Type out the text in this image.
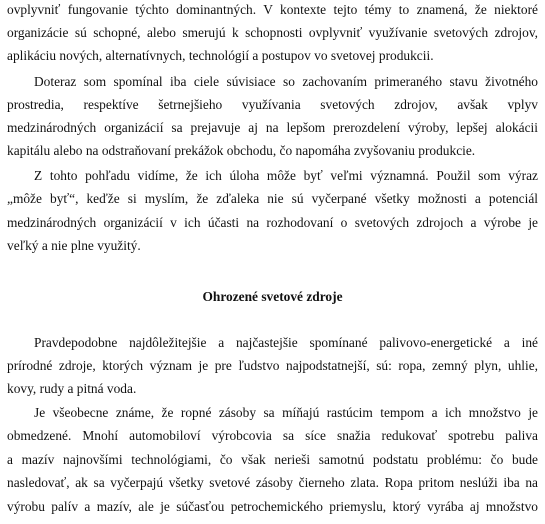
ovplyvniť fungovanie týchto dominantných. V kontexte tejto témy to znamená, že niektoré
organizácie sú schopné, alebo smerujú k schopnosti ovplyvniť využívanie svetových zdrojov,
aplikáciu nových, alternatívnych, technológií a postupov vo svetovej produkcii.
Doteraz som spomínal iba ciele súvisiace so zachovaním primeraného stavu životného
prostredia, respektíve šetrnejšieho využívania svetových zdrojov, avšak vplyv
medzinárodných organizácií sa prejavuje aj na lepšom prerozdelení výroby, lepšej alokácii
kapitálu alebo na odstraňovaní prekážok obchodu, čo napomáha zvyšovaniu produkcie.
Z tohto pohľadu vidíme, že ich úloha môže byť veľmi významná. Použil som výraz
„môže byť“, keďže si myslím, že zďaleka nie sú vyčerpané všetky možnosti a potenciál
medzinárodných organizácií v ich účasti na rozhodovaní o svetových zdrojoch a výrobe je
veľký a nie plne využitý.
Ohrozené svetové zdroje
Pravdepodobne najdôležitejšie a najčastejšie spomínané palivovo-energetické a iné
prírodné zdroje, ktorých význam je pre ľudstvo najpodstatnejší, sú: ropa, zemný plyn, uhlie,
kovy, rudy a pitná voda.
Je všeobecne známe, že ropné zásoby sa míňajú rastúcim tempom a ich množstvo je
obmedzené. Mnohí automobiloví výrobcovia sa síce snažia redukovať spotrebu paliva
a mazív najnovšími technológiami, čo však nerieši samotnú podstatu problému: čo bude
nasledovať, ak sa vyčerpajú všetky svetové zásoby čierneho zlata. Ropa pritom neslúži iba na
výrobu palív a mazív, ale je súčasťou petrochemického priemyslu, ktorý vyrába aj množstvo
